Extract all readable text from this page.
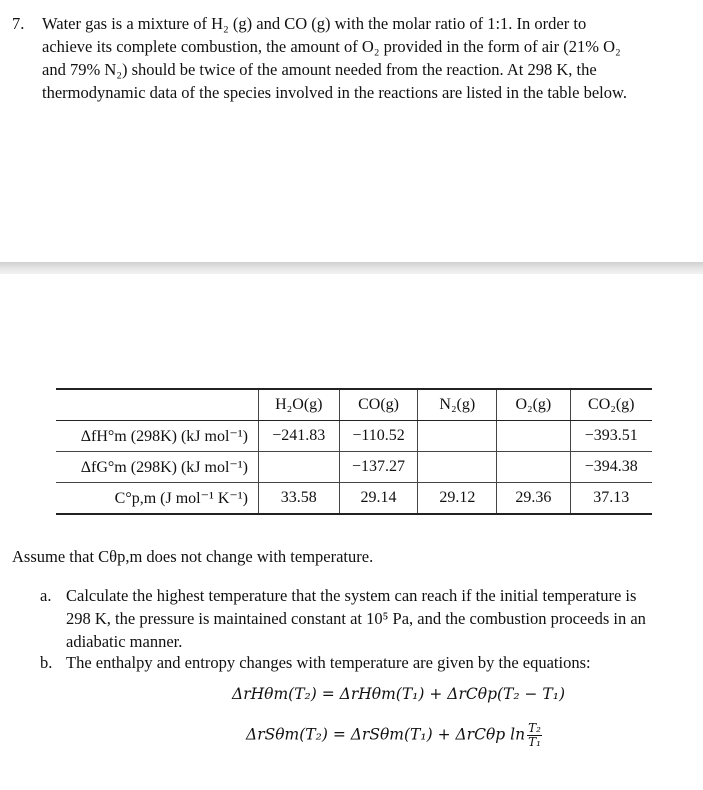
7. Water gas is a mixture of H₂ (g) and CO (g) with the molar ratio of 1:1. In order to
achieve its complete combustion, the amount of O₂ provided in the form of air (21% O₂
and 79% N₂) should be twice of the amount needed from the reaction. At 298 K, the
thermodynamic data of the species involved in the reactions are listed in the table below.
	H₂O(g)	CO(g)	N₂(g)	O₂(g)	CO₂(g)
ΔfH°m (298K) (kJ mol⁻¹)	−241.83	−110.52			−393.51
ΔfG°m (298K) (kJ mol⁻¹)		−137.27			−394.38
C°p,m (J mol⁻¹ K⁻¹)	33.58	29.14	29.12	29.36	37.13
Assume that Cθp,m does not change with temperature.
a. Calculate the highest temperature that the system can reach if the initial temperature is
298 K, the pressure is maintained constant at 10⁵ Pa, and the combustion proceeds in an
adiabatic manner.
b. The enthalpy and entropy changes with temperature are given by the equations:
ΔrHθm(T₂) = ΔrHθm(T₁) + ΔrCθp(T₂ − T₁)
ΔrSθm(T₂) = ΔrSθm(T₁) + ΔrCθp $\ln \frac{\text{T₂}}{\text{T₁}}$
